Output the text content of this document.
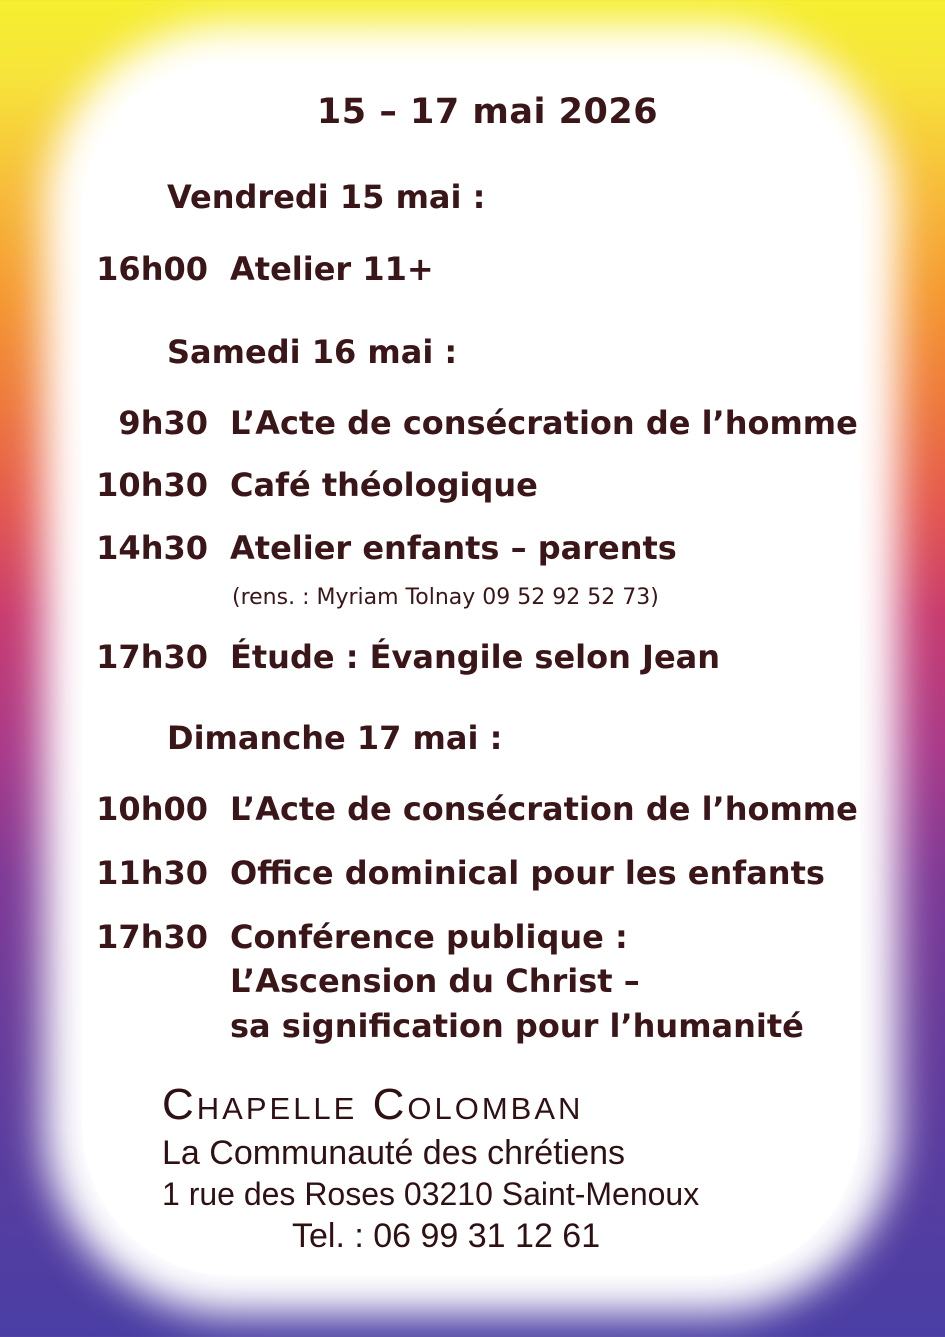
15 – 17 mai 2026
Vendredi 15 mai :
16h00 Atelier 11+
Samedi 16 mai :
9h30 L’Acte de consécration de l’homme
10h30 Café théologique
14h30 Atelier enfants – parents
(rens. : Myriam Tolnay 09 52 92 52 73)
17h30 Étude : Évangile selon Jean
Dimanche 17 mai :
10h00 L’Acte de consécration de l’homme
11h30 Office dominical pour les enfants
17h30 Conférence publique :
L’Ascension du Christ –
sa signification pour l’humanité
Chapelle Colomban
La Communauté des chrétiens
1 rue des Roses 03210 Saint-Menoux
Tel. : 06 99 31 12 61
